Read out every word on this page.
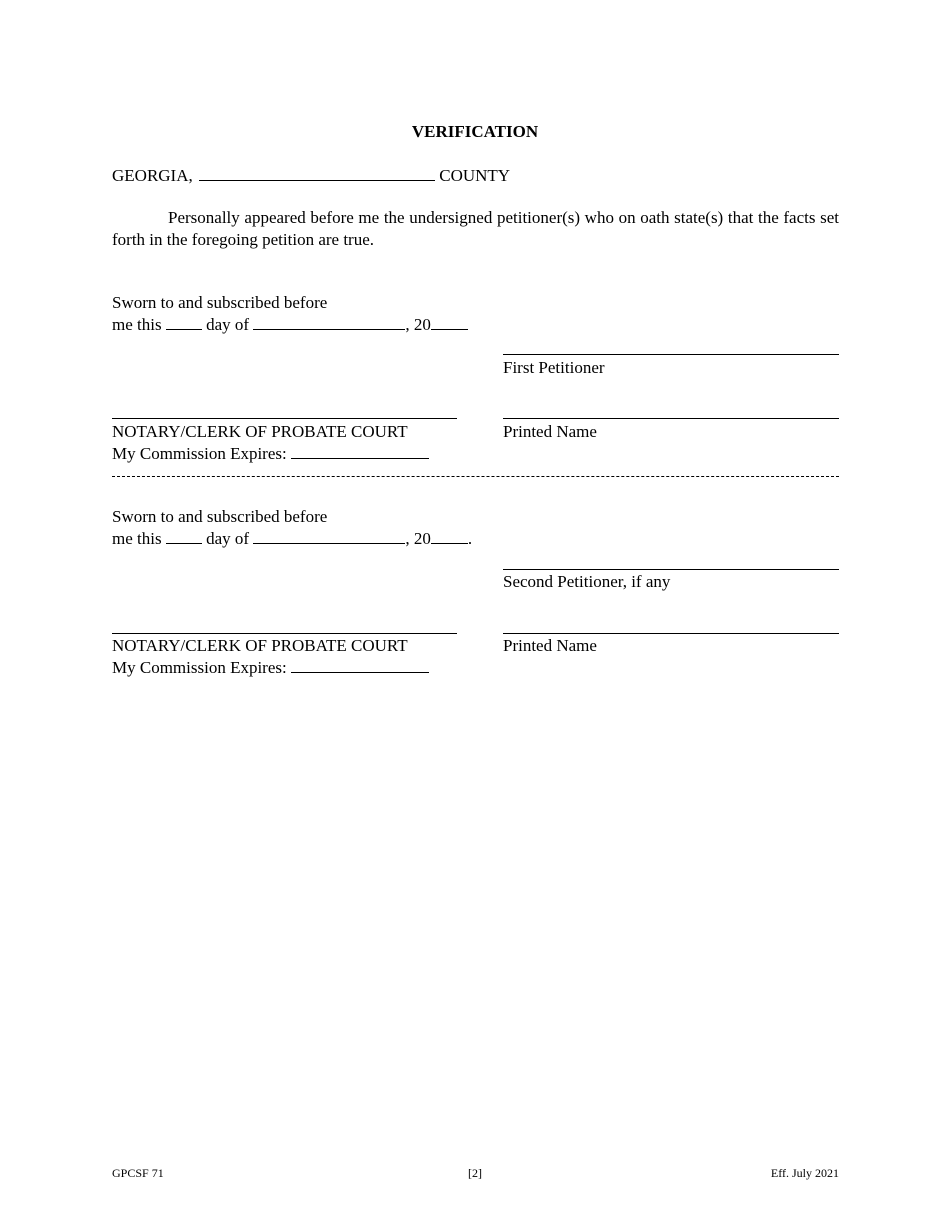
VERIFICATION
GEORGIA,	COUNTY
Personally appeared before me the undersigned petitioner(s) who on oath state(s) that the facts set forth in the foregoing petition are true.
Sworn to and subscribed before
me this	day of	, 20
First Petitioner
NOTARY/CLERK OF PROBATE COURT	Printed Name
My Commission Expires:
Sworn to and subscribed before
me this	day of	, 20 .
Second Petitioner, if any
NOTARY/CLERK OF PROBATE COURT	Printed Name
My Commission Expires:
GPCSF 71	[2]	Eff. July 2021
